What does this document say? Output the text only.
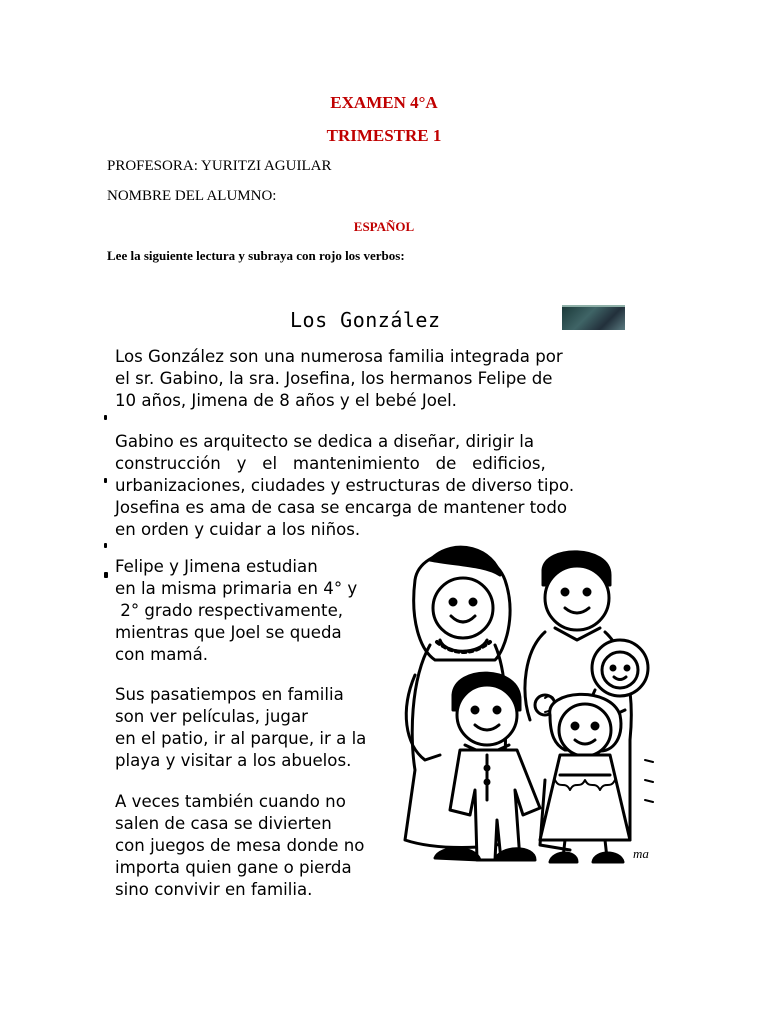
EXAMEN 4°A
TRIMESTRE 1
PROFESORA: YURITZI AGUILAR
NOMBRE DEL ALUMNO:
ESPAÑOL
Lee la siguiente lectura y subraya con rojo los verbos:
Los González
Los González son una numerosa familia integrada por
el sr. Gabino, la sra. Josefina, los hermanos Felipe de
10 años, Jimena de 8 años y el bebé Joel.
Gabino es arquitecto se dedica a diseñar, dirigir la
construcción   y   el   mantenimiento   de   edificios,
urbanizaciones, ciudades y estructuras de diverso tipo.
Josefina es ama de casa se encarga de mantener todo
en orden y cuidar a los niños.
Felipe y Jimena estudian
en la misma primaria en 4° y
2° grado respectivamente,
mientras que Joel se queda
con mamá.
Sus pasatiempos en familia
son ver películas, jugar
en el patio, ir al parque, ir a la
playa y visitar a los abuelos.
A veces también cuando no
salen de casa se divierten
con juegos de mesa donde no
importa quien gane o pierda
sino convivir en familia.
ma
